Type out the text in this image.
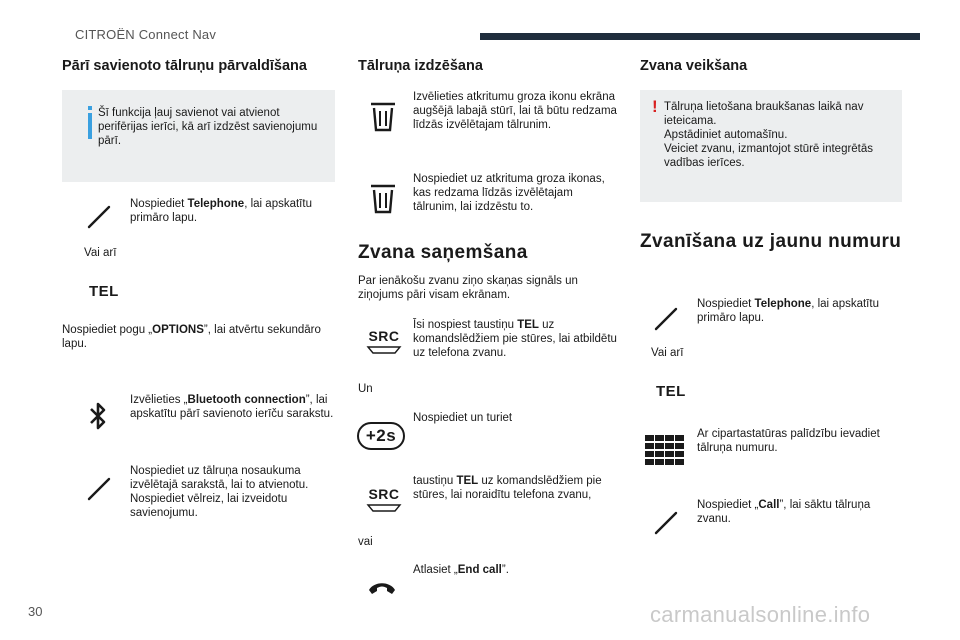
CITROËN Connect Nav
Pārī savienoto tālruņu pārvaldīšana
Šī funkcija ļauj savienot vai atvienot perifērijas ierīci, kā arī izdzēst savienojumu pārī.
Nospiediet Telephone, lai apskatītu primāro lapu.
Vai arī
TEL
Nospiediet pogu „OPTIONS”, lai atvērtu sekundāro lapu.
Izvēlieties „Bluetooth connection”, lai apskatītu pārī savienoto ierīču sarakstu.
Nospiediet uz tālruņa nosaukuma izvēlētajā sarakstā, lai to atvienotu. Nospiediet vēlreiz, lai izveidotu savienojumu.
Tālruņa izdzēšana
Izvēlieties atkritumu groza ikonu ekrāna augšējā labajā stūrī, lai tā būtu redzama līdzās izvēlētajam tālrunim.
Nospiediet uz atkrituma groza ikonas, kas redzama līdzās izvēlētajam tālrunim, lai izdzēstu to.
Zvana saņemšana
Par ienākošu zvanu ziņo skaņas signāls un ziņojums pāri visam ekrānam.
SRC
Īsi nospiest taustiņu TEL uz komandslēdžiem pie stūres, lai atbildētu uz telefona zvanu.
Un
Nospiediet un turiet
+2s
SRC
taustiņu TEL uz komandslēdžiem pie stūres, lai noraidītu telefona zvanu,
vai
Atlasiet „End call”.
Zvana veikšana
! Tālruņa lietošana braukšanas laikā nav ieteicama.
Apstādiniet automašīnu.
Veiciet zvanu, izmantojot stūrē integrētās vadības ierīces.
Zvanīšana uz jaunu numuru
Nospiediet Telephone, lai apskatītu primāro lapu.
Vai arī
TEL
Ar cipartastatūras palīdzību ievadiet tālruņa numuru.
Nospiediet „Call”, lai sāktu tālruņa zvanu.
30	carmanualsonline.info
